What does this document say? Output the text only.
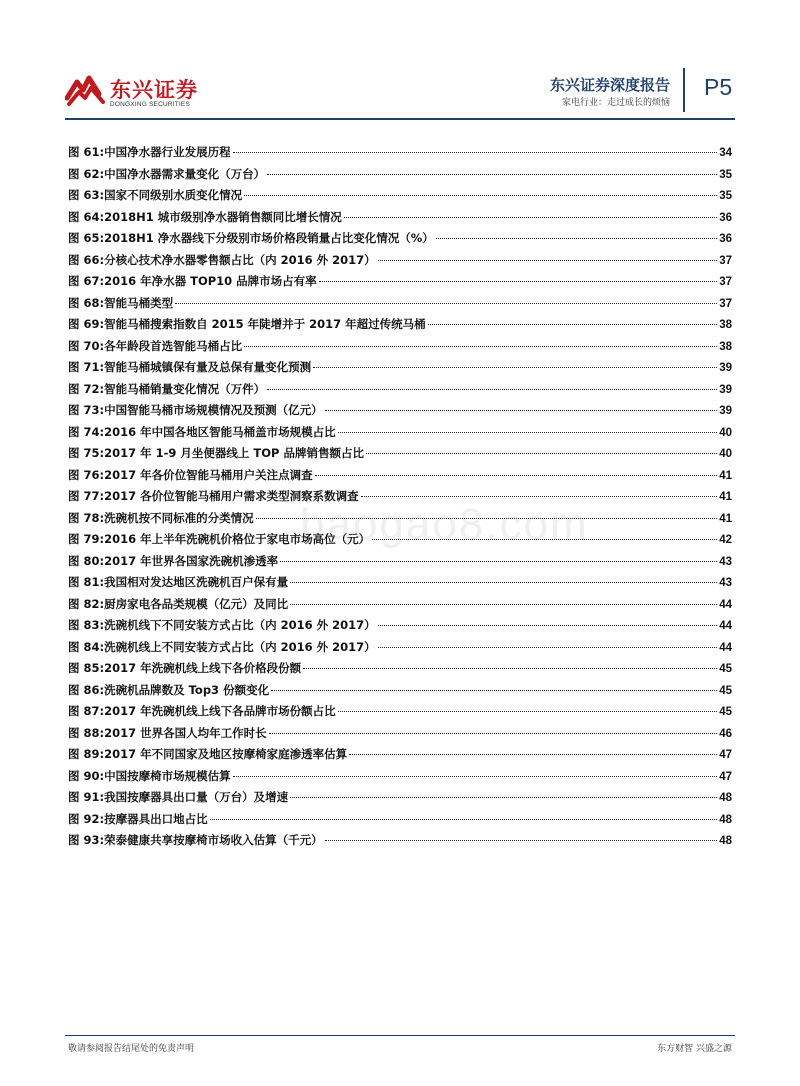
东兴证券
DONGXING SECURITIES
东兴证券深度报告
家电行业：走过成长的烦恼
P5
图 61: 中国净水器行业发展历程	34
图 62: 中国净水器需求量变化（万台）	35
图 63: 国家不同级别水质变化情况	35
图 64: 2018H1 城市级别净水器销售额同比增长情况	36
图 65: 2018H1 净水器线下分级别市场价格段销量占比变化情况（%）	36
图 66: 分核心技术净水器零售额占比（内 2016 外 2017）	37
图 67: 2016 年净水器 TOP10 品牌市场占有率	37
图 68: 智能马桶类型	37
图 69: 智能马桶搜索指数自 2015 年陡增并于 2017 年超过传统马桶	38
图 70: 各年龄段首选智能马桶占比	38
图 71: 智能马桶城镇保有量及总保有量变化预测	39
图 72: 智能马桶销量变化情况（万件）	39
图 73: 中国智能马桶市场规模情况及预测（亿元）	39
图 74: 2016 年中国各地区智能马桶盖市场规模占比	40
图 75: 2017 年 1-9 月坐便器线上 TOP 品牌销售额占比	40
图 76: 2017 年各价位智能马桶用户关注点调查	41
图 77: 2017 各价位智能马桶用户需求类型洞察系数调查	41
图 78: 洗碗机按不同标准的分类情况	41
图 79: 2016 年上半年洗碗机价格位于家电市场高位（元）	42
图 80: 2017 年世界各国家洗碗机渗透率	43
图 81: 我国相对发达地区洗碗机百户保有量	43
图 82: 厨房家电各品类规模（亿元）及同比	44
图 83: 洗碗机线下不同安装方式占比（内 2016 外 2017）	44
图 84: 洗碗机线上不同安装方式占比（内 2016 外 2017）	44
图 85: 2017 年洗碗机线上线下各价格段份额	45
图 86: 洗碗机品牌数及 Top3 份额变化	45
图 87: 2017 年洗碗机线上线下各品牌市场份额占比	45
图 88: 2017 世界各国人均年工作时长	46
图 89: 2017 年不同国家及地区按摩椅家庭渗透率估算	47
图 90: 中国按摩椅市场规模估算	47
图 91: 我国按摩器具出口量（万台）及增速	48
图 92: 按摩器具出口地占比	48
图 93: 荣泰健康共享按摩椅市场收入估算（千元）	48
baogao8.com
敬请参阅报告结尾处的免责声明	东方财智 兴盛之源
